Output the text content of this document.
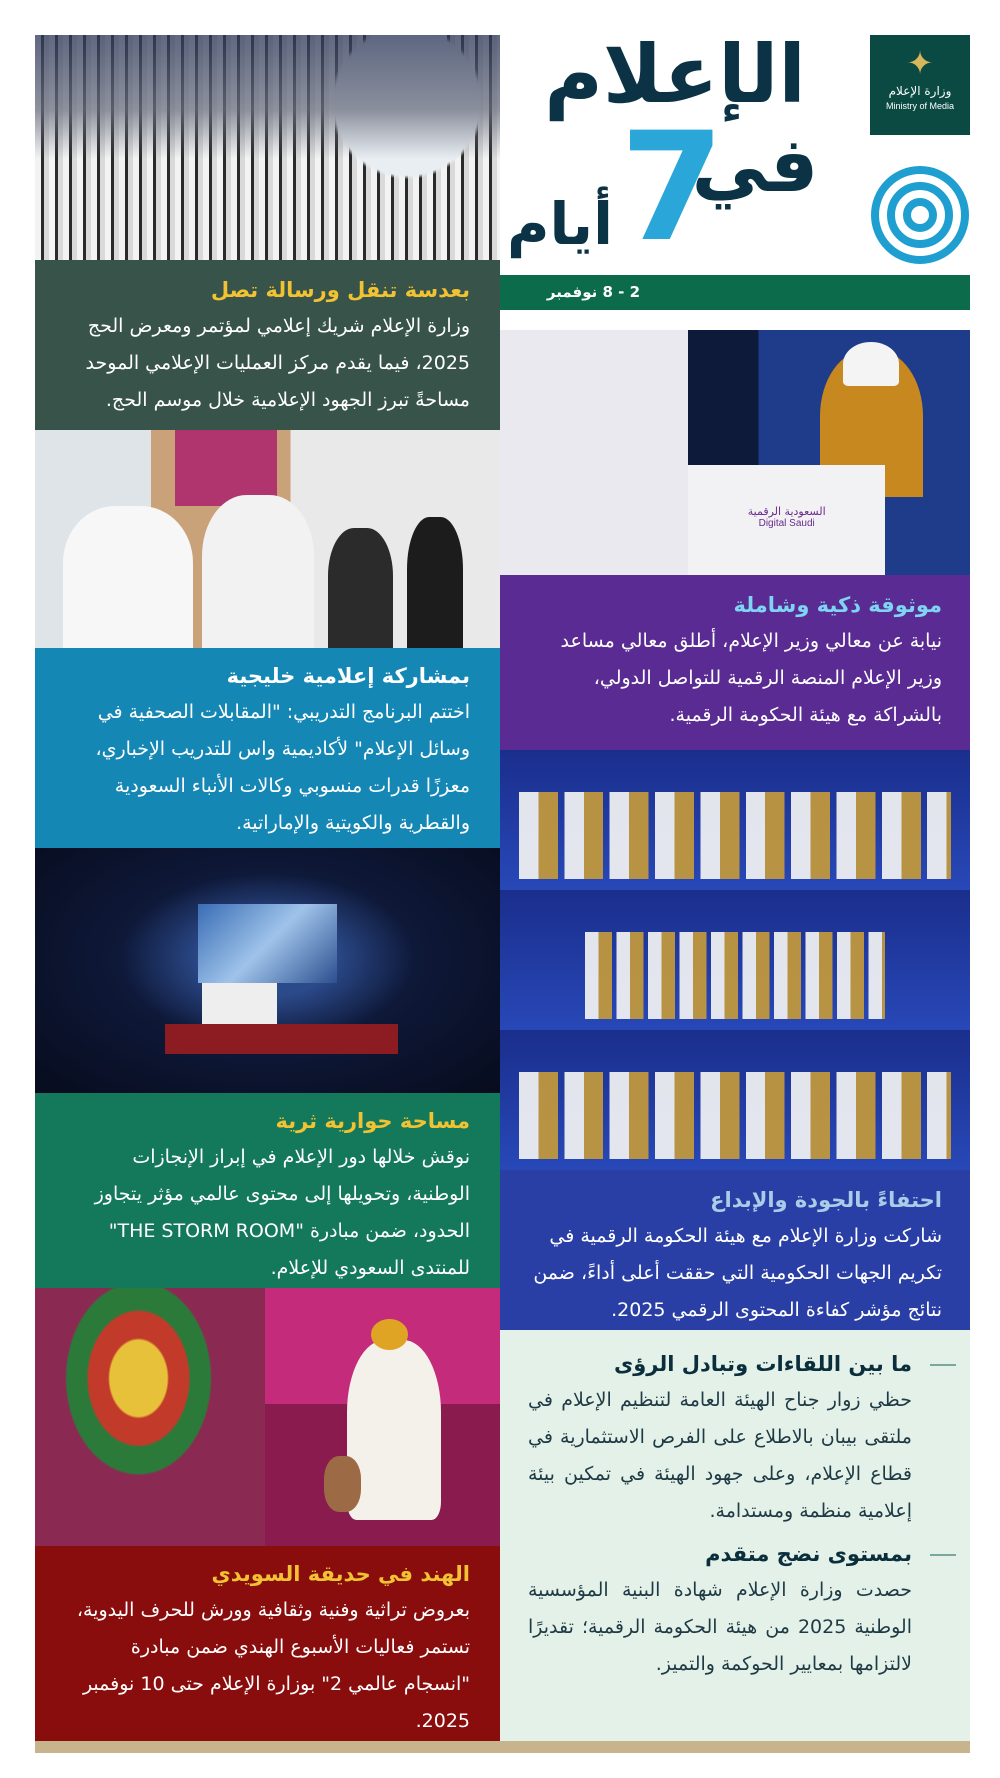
الإعلام
في
7
أيام
✦
وزارة الإعلام
Ministry of Media
2 - 8 نوفمبر 2025
بعدسة تنقل ورسالة تصل

وزارة الإعلام شريك إعلامي لمؤتمر ومعرض الحج 2025، فيما يقدم مركز العمليات الإعلامي الموحد مساحةً تبرز الجهود الإعلامية خلال موسم الحج.

بمشاركة إعلامية خليجية

اختتم البرنامج التدريبي: "المقابلات الصحفية في وسائل الإعلام" لأكاديمية واس للتدريب الإخباري، معززًا قدرات منسوبي وكالات الأنباء السعودية والقطرية والكويتية والإماراتية.

مساحة حوارية ثرية

نوقش خلالها دور الإعلام في إبراز الإنجازات الوطنية، وتحويلها إلى محتوى عالمي مؤثر يتجاوز الحدود، ضمن مبادرة "THE STORM ROOM" للمنتدى السعودي للإعلام.

الهند في حديقة السويدي

بعروض تراثية وفنية وثقافية وورش للحرف اليدوية، تستمر فعاليات الأسبوع الهندي ضمن مبادرة "انسجام عالمي 2" بوزارة الإعلام حتى 10 نوفمبر 2025.

السعودية الرقمية
Digital Saudi
موثوقة ذكية وشاملة

نيابة عن معالي وزير الإعلام، أطلق معالي مساعد وزير الإعلام المنصة الرقمية للتواصل الدولي، بالشراكة مع هيئة الحكومة الرقمية.

احتفاءً بالجودة والإبداع

شاركت وزارة الإعلام مع هيئة الحكومة الرقمية في تكريم الجهات الحكومية التي حققت أعلى أداءً، ضمن نتائج مؤشر كفاءة المحتوى الرقمي 2025.

ما بين اللقاءات وتبادل الرؤى

حظي زوار جناح الهيئة العامة لتنظيم الإعلام في ملتقى بيبان بالاطلاع على الفرص الاستثمارية في قطاع الإعلام، وعلى جهود الهيئة في تمكين بيئة إعلامية منظمة ومستدامة.

بمستوى نضج متقدم

حصدت وزارة الإعلام شهادة البنية المؤسسية الوطنية 2025 من هيئة الحكومة الرقمية؛ تقديرًا لالتزامها بمعايير الحوكمة والتميز.
